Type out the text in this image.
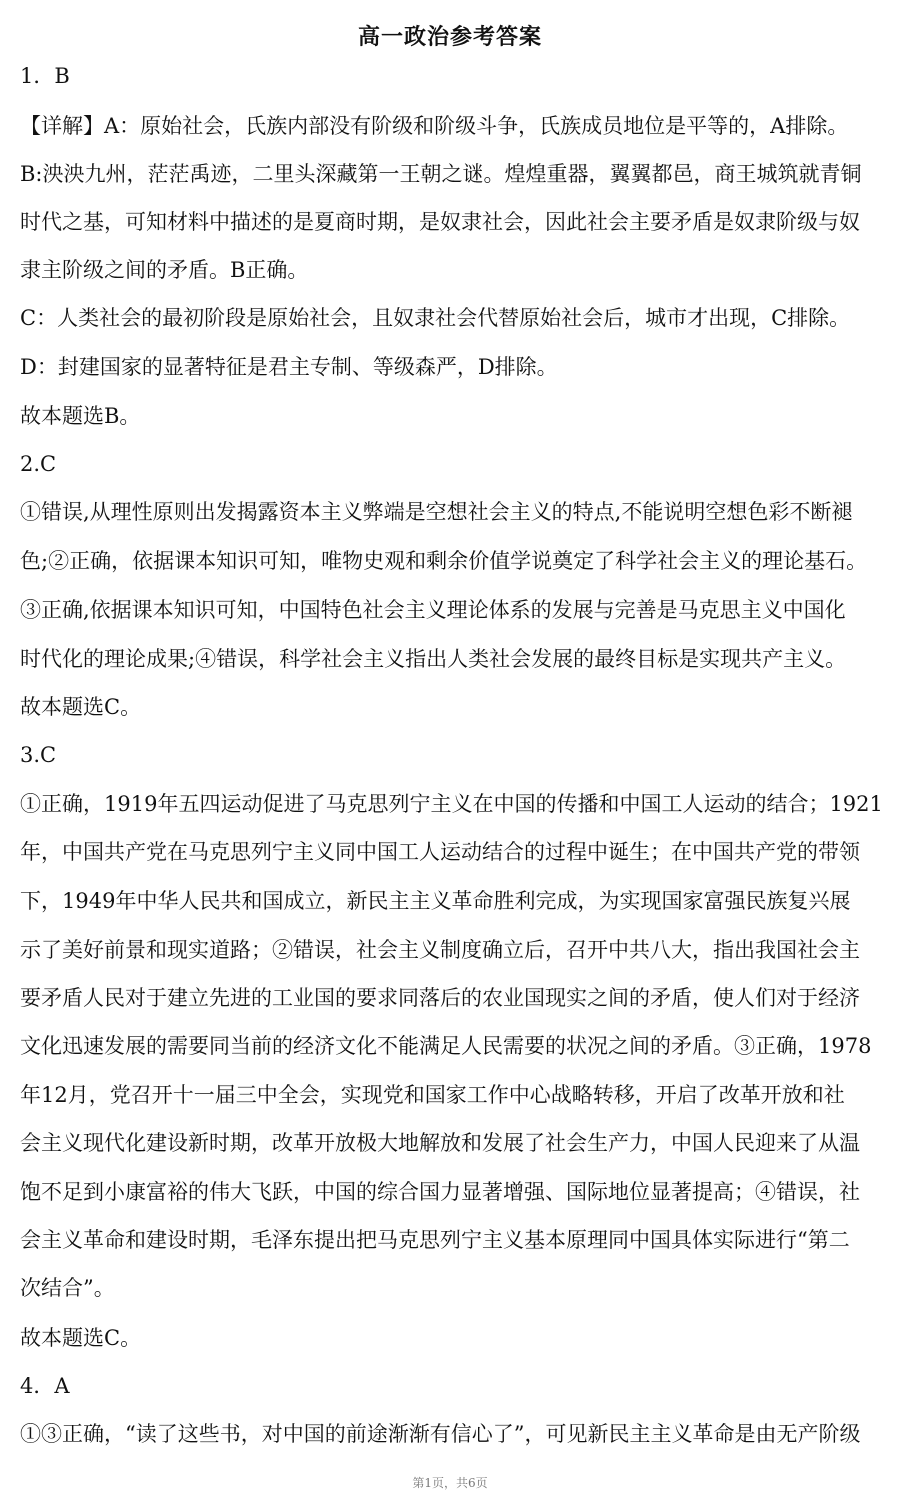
高一政治参考答案
1．B
【详解】A：原始社会，氏族内部没有阶级和阶级斗争，氏族成员地位是平等的，A排除。
B:泱泱九州，茫茫禹迹，二里头深藏第一王朝之谜。煌煌重器，翼翼都邑，商王城筑就青铜
时代之基，可知材料中描述的是夏商时期，是奴隶社会，因此社会主要矛盾是奴隶阶级与奴
隶主阶级之间的矛盾。B正确。
C：人类社会的最初阶段是原始社会，且奴隶社会代替原始社会后，城市才出现，C排除。
D：封建国家的显著特征是君主专制、等级森严，D排除。
故本题选B。
2.C
①错误,从理性原则出发揭露资本主义弊端是空想社会主义的特点,不能说明空想色彩不断褪
色;②正确，依据课本知识可知，唯物史观和剩余价值学说奠定了科学社会主义的理论基石。
③正确,依据课本知识可知，中国特色社会主义理论体系的发展与完善是马克思主义中国化
时代化的理论成果;④错误，科学社会主义指出人类社会发展的最终目标是实现共产主义。
故本题选C。
3.C
①正确，1919年五四运动促进了马克思列宁主义在中国的传播和中国工人运动的结合；1921
年，中国共产党在马克思列宁主义同中国工人运动结合的过程中诞生；在中国共产党的带领
下，1949年中华人民共和国成立，新民主主义革命胜利完成，为实现国家富强民族复兴展
示了美好前景和现实道路；②错误，社会主义制度确立后，召开中共八大，指出我国社会主
要矛盾人民对于建立先进的工业国的要求同落后的农业国现实之间的矛盾，使人们对于经济
文化迅速发展的需要同当前的经济文化不能满足人民需要的状况之间的矛盾。③正确，1978
年12月，党召开十一届三中全会，实现党和国家工作中心战略转移，开启了改革开放和社
会主义现代化建设新时期，改革开放极大地解放和发展了社会生产力，中国人民迎来了从温
饱不足到小康富裕的伟大飞跃，中国的综合国力显著增强、国际地位显著提高；④错误，社
会主义革命和建设时期，毛泽东提出把马克思列宁主义基本原理同中国具体实际进行“第二
次结合”。
故本题选C。
4．A
①③正确，“读了这些书，对中国的前途渐渐有信心了”，可见新民主主义革命是由无产阶级
第1页，共6页
